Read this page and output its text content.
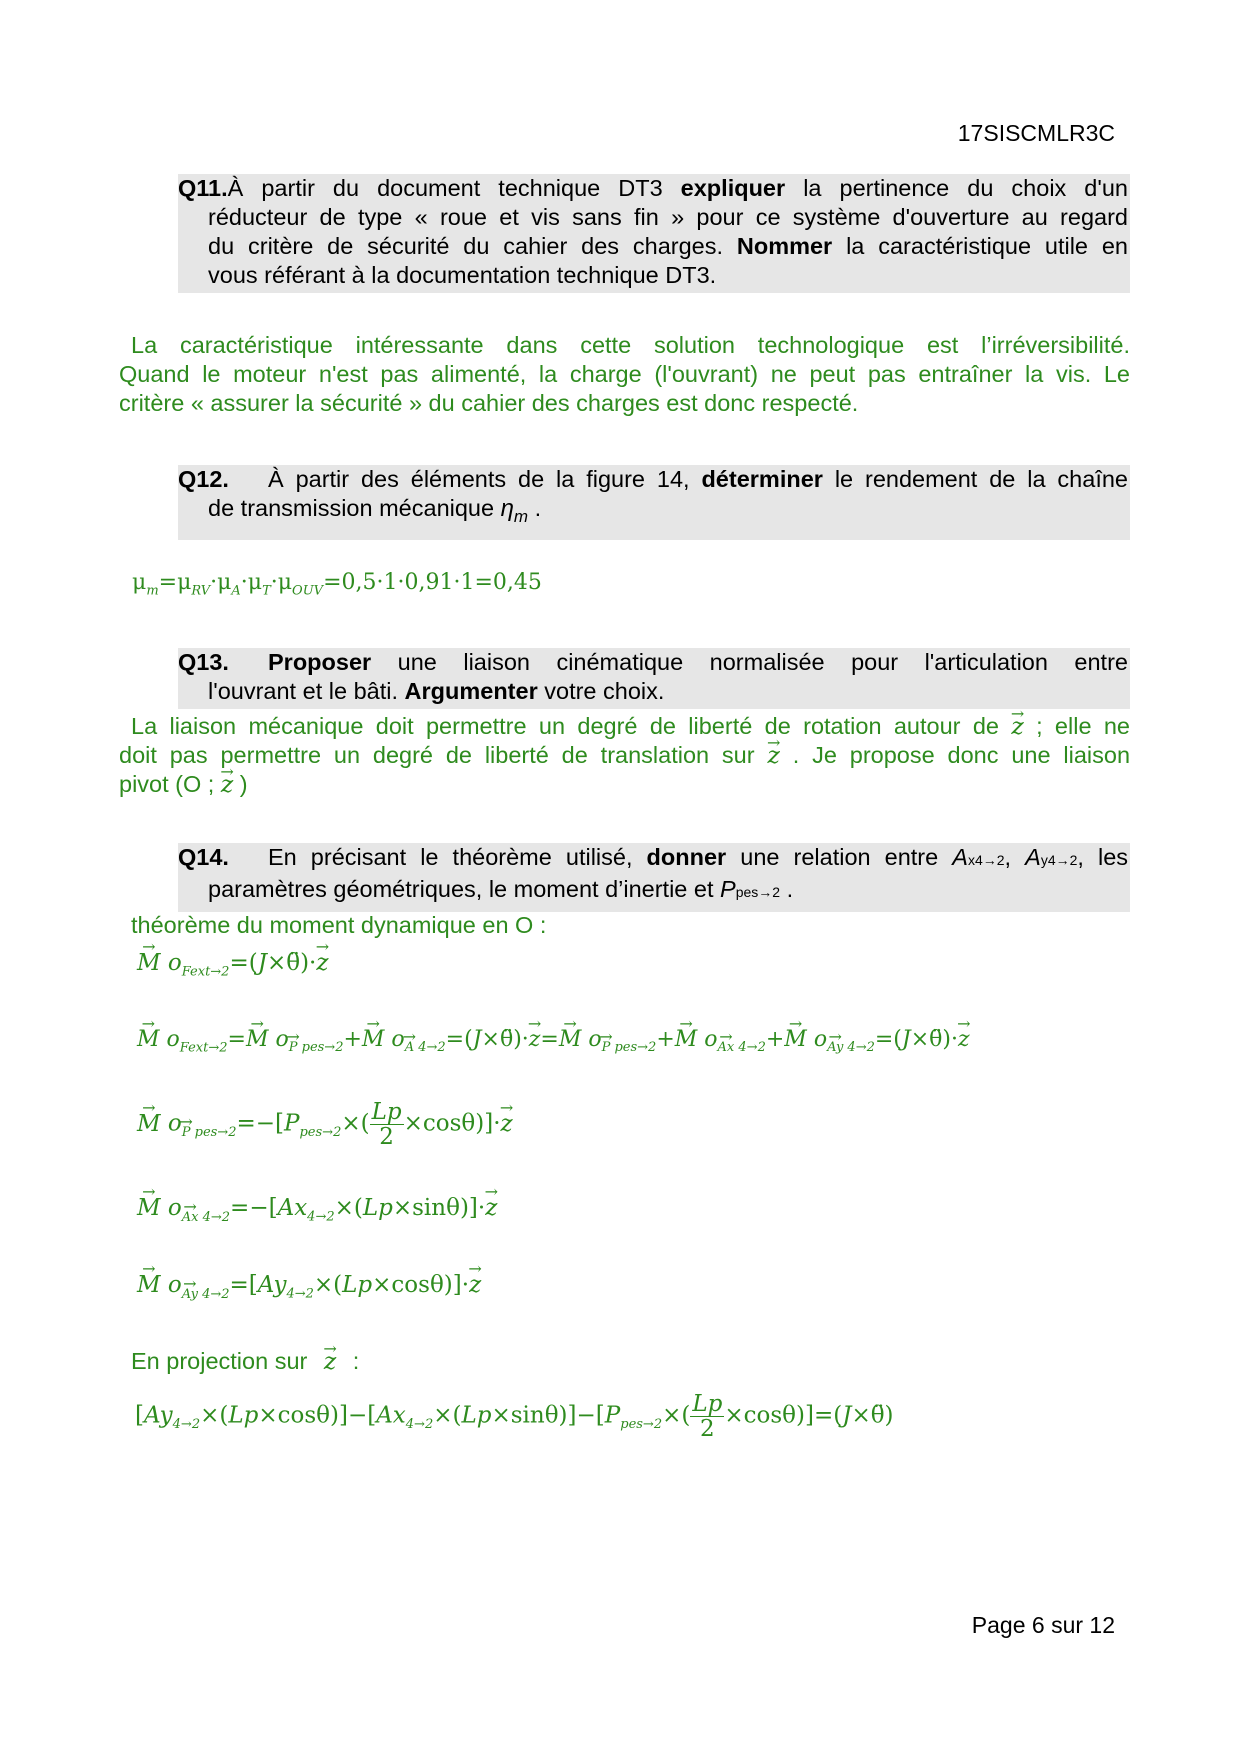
17SISCMLR3C
Q11.À partir du document technique DT3 expliquer la pertinence du choix d'un
réducteur de type « roue et vis sans fin » pour ce système d'ouverture au regard
du critère de sécurité du cahier des charges. Nommer la caractéristique utile en
vous référant à la documentation technique DT3.
La caractéristique intéressante dans cette solution technologique est l’irréversibilité.
Quand le moteur n'est pas alimenté, la charge (l'ouvrant) ne peut pas entraîner la vis. Le
critère « assurer la sécurité » du cahier des charges est donc respecté.
Q12. À partir des éléments de la figure 14, déterminer le rendement de la chaîne
de transmission mécanique $\eta_m$ .
$\mu_m=\mu_{RV}\cdot\mu_A\cdot\mu_T\cdot\mu_{OUV}=0,5\cdot 1\cdot 0,91\cdot 1=0,45$
Q13. Proposer une liaison cinématique normalisée pour l'articulation entre
l'ouvrant et le bâti. Argumenter votre choix.
La liaison mécanique doit permettre un degré de liberté de rotation autour de → z ; elle ne
doit pas permettre un degré de liberté de translation sur → z . Je propose donc une liaison
pivot (O ; → z )
Q14. En précisant le théorème utilisé, donner une relation entre Ax4→2, Ay4→2, les
paramètres géométriques, le moment d’inertie et Ppes→2 .
théorème du moment dynamique en O :
→ M $o_{Fext\to 2}=(J\times\thetä)\cdot\to z$
→ M $o_{Fext\to 2}=\to M$ o→ $_{P pes\to 2}$+→ M o→ $_{A 4\to 2}$=(J×θ̈)·→ z=→ M o→ $_{P pes\to 2}$+→ M o→ $_{Ax 4\to 2}$+→ M o→ $_{Ay 4\to 2}$=(J×θ̈)·→ z
→ M $o\to _{P pes\to 2}=-[P_{pes\to 2}\times( \frac{Lp}{2} \times\cos\theta)]\cdot\to z$
→ M $o\to _{Ax 4\to 2}=-[Ax_{4\to 2}\times(Lp\times\sin\theta)]\cdot\to z$
→ M $o\to _{Ay 4\to 2}=[Ay_{4\to 2}\times(Lp\times\cos\theta)]\cdot\to z$
En projection sur → z :
$[Ay_{4\to 2}\times(Lp\times\cos\theta)]-[Ax_{4\to 2}\times(Lp\times\sin\theta)]-[P_{pes\to 2}\times( \frac{Lp}{2}$ ×cosθ)]=(J×θ̈)
Page 6 sur 12
